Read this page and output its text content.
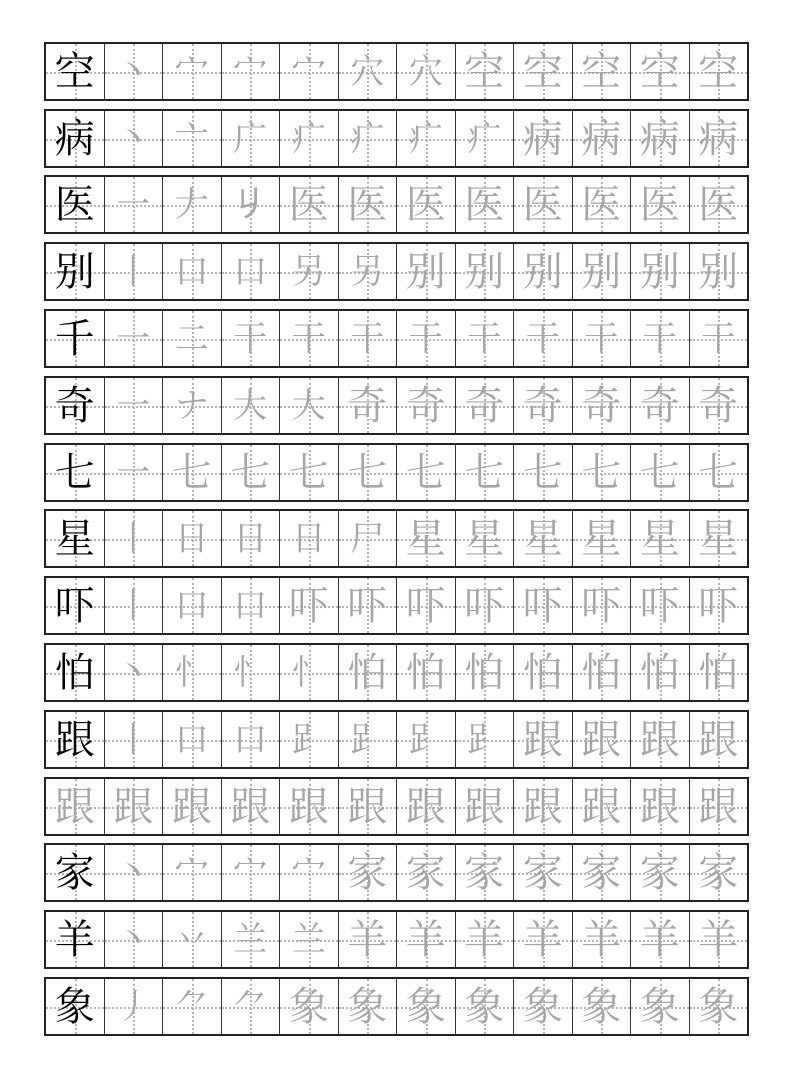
空 丶 宀 宀 宀 穴 穴 空 空 空 空 空
病 丶 亠 广 疒 疒 疒 疒 病 病 病 病
医 一 𠂇 𠂈 医 医 医 医 医 医 医 医
别 丨 口 口 另 另 别 别 别 别 别 别
千 一 二 干 干 干 干 干 干 干 干 干
奇 一 ナ 大 大 奇 奇 奇 奇 奇 奇 奇
七 一 七 七 七 七 七 七 七 七 七 七
星 丨 日 日 日 尸 星 星 星 星 星 星
吓 丨 口 口 吓 吓 吓 吓 吓 吓 吓 吓
怕 丶 忄 忄 忄 怕 怕 怕 怕 怕 怕 怕
跟 丨 口 口 𧾷 𧾷 𧾷 𧾷 跟 跟 跟 跟
跟 跟 跟 跟 跟 跟 跟 跟 跟 跟 跟 跟
家 丶 宀 宀 宀 家 家 家 家 家 家 家
羊 丶 丷 兰 兰 羊 羊 羊 羊 羊 羊 羊
象 丿 ⺈ ⺈ 象 象 象 象 象 象 象 象
